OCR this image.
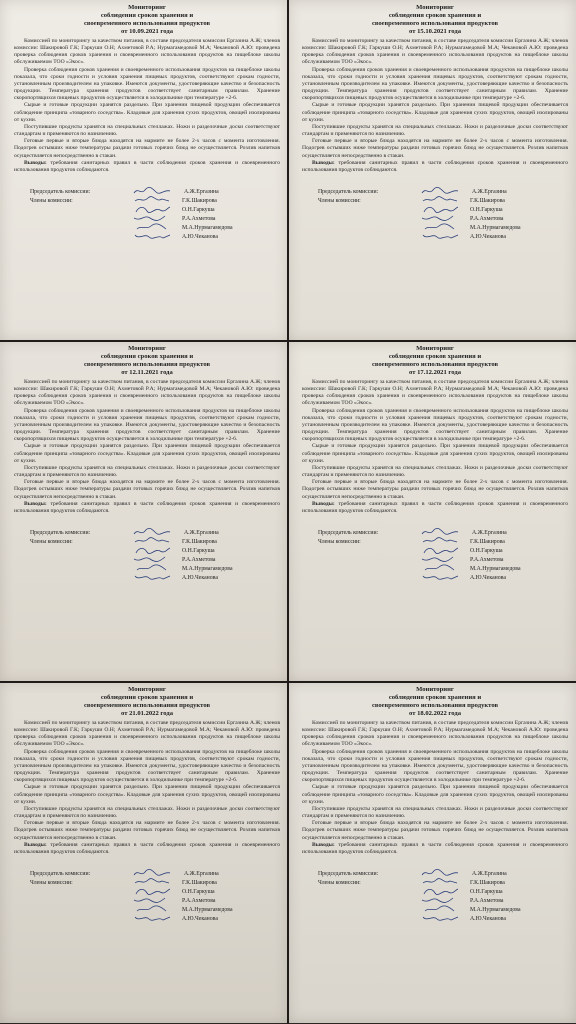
Мониторинг
соблюдения сроков хранения и
своевременного использования продуктов
от 10.09.2021 года

Комиссией по мониторингу за качеством питания, в составе председателя комиссии Ергазина А.Ж; членов комиссии: Шакировой Г.К; Гаркуши О.Н; Ахметовой Р.А; Нурмагамедовой М.А; Чекановой А.Ю: проведена проверка соблюдения сроков хранения и своевременного использования продуктов на пищеблоке школы обслуживаемом ТОО «Экос».

Проверка соблюдения сроков хранения и своевременного использования продуктов на пищеблоке школы показала, что сроки годности и условия хранения пищевых продуктов, соответствуют срокам годности, установленным производителем на упаковке. Имеются документы, удостоверяющие качество и безопасность продукции. Температура хранения продуктов соответствует санитарным правилам. Хранение скоропортящихся пищевых продуктов осуществляется в холодильнике при температуре +2-6.

Сырые и готовые продукции хранятся раздельно. При хранении пищевой продукции обеспечивается соблюдение принципа «товарного соседства». Кладовые для хранения сухих продуктов, овощей изолированы от кухни.

Поступившие продукты хранятся на специальных стеллажах. Ножи и разделочные доски соответствуют стандартам и применяются по назначению.

Готовые первые и вторые блюда находятся на мармите не более 2-х часов с момента изготовления. Подогрев остывших ниже температуры раздачи готовых горячих блюд не осуществляется. Розлив напитков осуществляется непосредственно в стакан.

Выводы: требования санитарных правил в части соблюдения сроков хранения и своевременного использования продуктов соблюдаются.

Председатель комиссии:	А.Ж.Ергазина
Члены комиссии:	Г.К.Шакирова
О.Н.Гаркуша
Р.А.Ахметова
М.А.Нурмагамедова
А.Ю.Чеканова
Мониторинг
соблюдения сроков хранения и
своевременного использования продуктов
от 15.10.2021 года

Комиссией по мониторингу за качеством питания, в составе председателя комиссии Ергазина А.Ж; членов комиссии: Шакировой Г.К; Гаркуши О.Н; Ахметовой Р.А; Нурмагамедовой М.А; Чекановой А.Ю: проведена проверка соблюдения сроков хранения и своевременного использования продуктов на пищеблоке школы обслуживаемом ТОО «Экос».

Проверка соблюдения сроков хранения и своевременного использования продуктов на пищеблоке школы показала, что сроки годности и условия хранения пищевых продуктов, соответствуют срокам годности, установленным производителем на упаковке. Имеются документы, удостоверяющие качество и безопасность продукции. Температура хранения продуктов соответствует санитарным правилам. Хранение скоропортящихся пищевых продуктов осуществляется в холодильнике при температуре +2-6.

Сырые и готовые продукции хранятся раздельно. При хранении пищевой продукции обеспечивается соблюдение принципа «товарного соседства». Кладовые для хранения сухих продуктов, овощей изолированы от кухни.

Поступившие продукты хранятся на специальных стеллажах. Ножи и разделочные доски соответствуют стандартам и применяются по назначению.

Готовые первые и вторые блюда находятся на мармите не более 2-х часов с момента изготовления. Подогрев остывших ниже температуры раздачи готовых горячих блюд не осуществляется. Розлив напитков осуществляется непосредственно в стакан.

Выводы: требования санитарных правил в части соблюдения сроков хранения и своевременного использования продуктов соблюдаются.

Председатель комиссии:	А.Ж.Ергазина
Члены комиссии:	Г.К.Шакирова
О.Н.Гаркуша
Р.А.Ахметова
М.А.Нурмагамедова
А.Ю.Чеканова
Мониторинг
соблюдения сроков хранения и
своевременного использования продуктов
от 12.11.2021 года

Комиссией по мониторингу за качеством питания, в составе председателя комиссии Ергазина А.Ж; членов комиссии: Шакировой Г.К; Гаркуши О.Н; Ахметовой Р.А; Нурмагамедовой М.А; Чекановой А.Ю: проведена проверка соблюдения сроков хранения и своевременного использования продуктов на пищеблоке школы обслуживаемом ТОО «Экос».

Проверка соблюдения сроков хранения и своевременного использования продуктов на пищеблоке школы показала, что сроки годности и условия хранения пищевых продуктов, соответствуют срокам годности, установленным производителем на упаковке. Имеются документы, удостоверяющие качество и безопасность продукции. Температура хранения продуктов соответствует санитарным правилам. Хранение скоропортящихся пищевых продуктов осуществляется в холодильнике при температуре +2-6.

Сырые и готовые продукции хранятся раздельно. При хранении пищевой продукции обеспечивается соблюдение принципа «товарного соседства». Кладовые для хранения сухих продуктов, овощей изолированы от кухни.

Поступившие продукты хранятся на специальных стеллажах. Ножи и разделочные доски соответствуют стандартам и применяются по назначению.

Готовые первые и вторые блюда находятся на мармите не более 2-х часов с момента изготовления. Подогрев остывших ниже температуры раздачи готовых горячих блюд не осуществляется. Розлив напитков осуществляется непосредственно в стакан.

Выводы: требования санитарных правил в части соблюдения сроков хранения и своевременного использования продуктов соблюдаются.

Председатель комиссии:	А.Ж.Ергазина
Члены комиссии:	Г.К.Шакирова
О.Н.Гаркуша
Р.А.Ахметова
М.А.Нурмагамедова
А.Ю.Чеканова
Мониторинг
соблюдения сроков хранения и
своевременного использования продуктов
от 17.12.2021 года

Комиссией по мониторингу за качеством питания, в составе председателя комиссии Ергазина А.Ж; членов комиссии: Шакировой Г.К; Гаркуши О.Н; Ахметовой Р.А; Нурмагамедовой М.А; Чекановой А.Ю: проведена проверка соблюдения сроков хранения и своевременного использования продуктов на пищеблоке школы обслуживаемом ТОО «Экос».

Проверка соблюдения сроков хранения и своевременного использования продуктов на пищеблоке школы показала, что сроки годности и условия хранения пищевых продуктов, соответствуют срокам годности, установленным производителем на упаковке. Имеются документы, удостоверяющие качество и безопасность продукции. Температура хранения продуктов соответствует санитарным правилам. Хранение скоропортящихся пищевых продуктов осуществляется в холодильнике при температуре +2-6.

Сырые и готовые продукции хранятся раздельно. При хранении пищевой продукции обеспечивается соблюдение принципа «товарного соседства». Кладовые для хранения сухих продуктов, овощей изолированы от кухни.

Поступившие продукты хранятся на специальных стеллажах. Ножи и разделочные доски соответствуют стандартам и применяются по назначению.

Готовые первые и вторые блюда находятся на мармите не более 2-х часов с момента изготовления. Подогрев остывших ниже температуры раздачи готовых горячих блюд не осуществляется. Розлив напитков осуществляется непосредственно в стакан.

Выводы: требования санитарных правил в части соблюдения сроков хранения и своевременного использования продуктов соблюдаются.

Председатель комиссии:	А.Ж.Ергазина
Члены комиссии:	Г.К.Шакирова
О.Н.Гаркуша
Р.А.Ахметова
М.А.Нурмагамедова
А.Ю.Чеканова
Мониторинг
соблюдения сроков хранения и
своевременного использования продуктов
от 21.01.2022 года

Комиссией по мониторингу за качеством питания, в составе председателя комиссии Ергазина А.Ж; членов комиссии: Шакировой Г.К; Гаркуши О.Н; Ахметовой Р.А; Нурмагамедовой М.А; Чекановой А.Ю: проведена проверка соблюдения сроков хранения и своевременного использования продуктов на пищеблоке школы обслуживаемом ТОО «Экос».

Проверка соблюдения сроков хранения и своевременного использования продуктов на пищеблоке школы показала, что сроки годности и условия хранения пищевых продуктов, соответствуют срокам годности, установленным производителем на упаковке. Имеются документы, удостоверяющие качество и безопасность продукции. Температура хранения продуктов соответствует санитарным правилам. Хранение скоропортящихся пищевых продуктов осуществляется в холодильнике при температуре +2-6.

Сырые и готовые продукции хранятся раздельно. При хранении пищевой продукции обеспечивается соблюдение принципа «товарного соседства». Кладовые для хранения сухих продуктов, овощей изолированы от кухни.

Поступившие продукты хранятся на специальных стеллажах. Ножи и разделочные доски соответствуют стандартам и применяются по назначению.

Готовые первые и вторые блюда находятся на мармите не более 2-х часов с момента изготовления. Подогрев остывших ниже температуры раздачи готовых горячих блюд не осуществляется. Розлив напитков осуществляется непосредственно в стакан.

Выводы: требования санитарных правил в части соблюдения сроков хранения и своевременного использования продуктов соблюдаются.

Председатель комиссии:	А.Ж.Ергазина
Члены комиссии:	Г.К.Шакирова
О.Н.Гаркуша
Р.А.Ахметова
М.А.Нурмагамедова
А.Ю.Чеканова
Мониторинг
соблюдения сроков хранения и
своевременного использования продуктов
от 18.02.2022 года

Комиссией по мониторингу за качеством питания, в составе председателя комиссии Ергазина А.Ж; членов комиссии: Шакировой Г.К; Гаркуши О.Н; Ахметовой Р.А; Нурмагамедовой М.А; Чекановой А.Ю: проведена проверка соблюдения сроков хранения и своевременного использования продуктов на пищеблоке школы обслуживаемом ТОО «Экос».

Проверка соблюдения сроков хранения и своевременного использования продуктов на пищеблоке школы показала, что сроки годности и условия хранения пищевых продуктов, соответствуют срокам годности, установленным производителем на упаковке. Имеются документы, удостоверяющие качество и безопасность продукции. Температура хранения продуктов соответствует санитарным правилам. Хранение скоропортящихся пищевых продуктов осуществляется в холодильнике при температуре +2-6.

Сырые и готовые продукции хранятся раздельно. При хранении пищевой продукции обеспечивается соблюдение принципа «товарного соседства». Кладовые для хранения сухих продуктов, овощей изолированы от кухни.

Поступившие продукты хранятся на специальных стеллажах. Ножи и разделочные доски соответствуют стандартам и применяются по назначению.

Готовые первые и вторые блюда находятся на мармите не более 2-х часов с момента изготовления. Подогрев остывших ниже температуры раздачи готовых горячих блюд не осуществляется. Розлив напитков осуществляется непосредственно в стакан.

Выводы: требования санитарных правил в части соблюдения сроков хранения и своевременного использования продуктов соблюдаются.

Председатель комиссии:	А.Ж.Ергазина
Члены комиссии:	Г.К.Шакирова
О.Н.Гаркуша
Р.А.Ахметова
М.А.Нурмагамедова
А.Ю.Чеканова
